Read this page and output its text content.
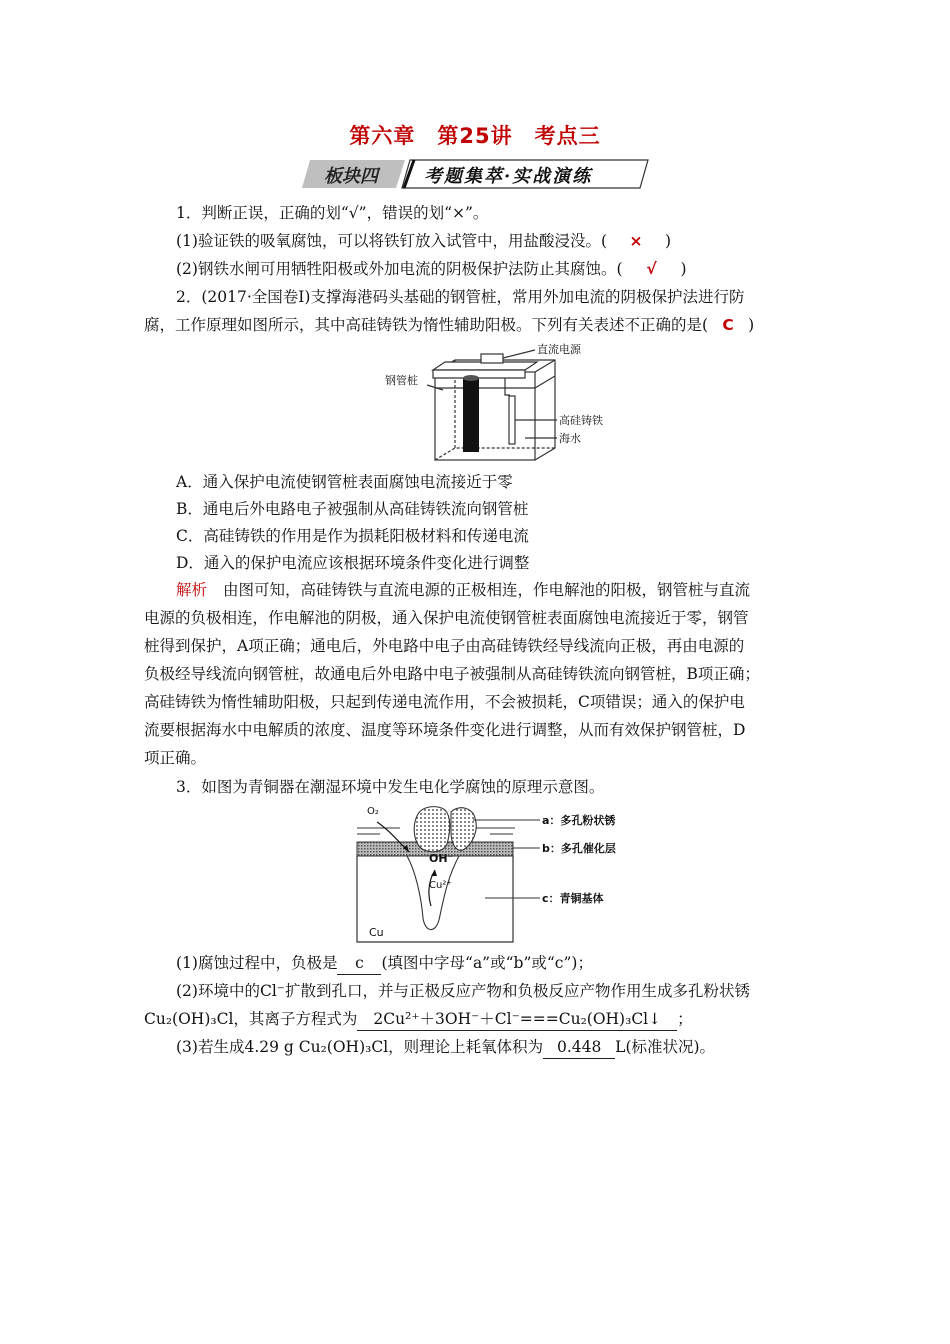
第六章　第25讲　考点三
板块四	考题集萃·实战演练
1．判断正误，正确的划“√”，错误的划“×”。
(1)验证铁的吸氧腐蚀，可以将铁钉放入试管中，用盐酸浸没。( × )
(2)钢铁水闸可用牺牲阳极或外加电流的阴极保护法防止其腐蚀。( √ )
2．(2017·全国卷Ⅰ)支撑海港码头基础的钢管桩，常用外加电流的阴极保护法进行防
腐，工作原理如图所示，其中高硅铸铁为惰性辅助阳极。下列有关表述不正确的是( C )
直流电源
钢管桩
高硅铸铁
海水
A．通入保护电流使钢管桩表面腐蚀电流接近于零
B．通电后外电路电子被强制从高硅铸铁流向钢管桩
C．高硅铸铁的作用是作为损耗阳极材料和传递电流
D．通入的保护电流应该根据环境条件变化进行调整
解析 由图可知，高硅铸铁与直流电源的正极相连，作电解池的阳极，钢管桩与直流
电源的负极相连，作电解池的阴极，通入保护电流使钢管桩表面腐蚀电流接近于零，钢管
桩得到保护，A项正确；通电后，外电路中电子由高硅铸铁经导线流向正极，再由电源的
负极经导线流向钢管桩，故通电后外电路中电子被强制从高硅铸铁流向钢管桩，B项正确；
高硅铸铁为惰性辅助阳极，只起到传递电流作用，不会被损耗，C项错误；通入的保护电
流要根据海水中电解质的浓度、温度等环境条件变化进行调整，从而有效保护钢管桩，D
项正确。
3．如图为青铜器在潮湿环境中发生电化学腐蚀的原理示意图。
O₂
OH⁻
Cu²⁺
Cu
a：多孔粉状锈
b：多孔催化层
c：青铜基体
(1)腐蚀过程中，负极是 c (填图中字母“a”或“b”或“c”)；
(2)环境中的Cl⁻扩散到孔口，并与正极反应产物和负极反应产物作用生成多孔粉状锈
Cu₂(OH)₃Cl，其离子方程式为 2Cu²⁺＋3OH⁻＋Cl⁻===Cu₂(OH)₃Cl↓ ；
(3)若生成4.29 g Cu₂(OH)₃Cl，则理论上耗氧体积为 0.448 L(标准状况)。
